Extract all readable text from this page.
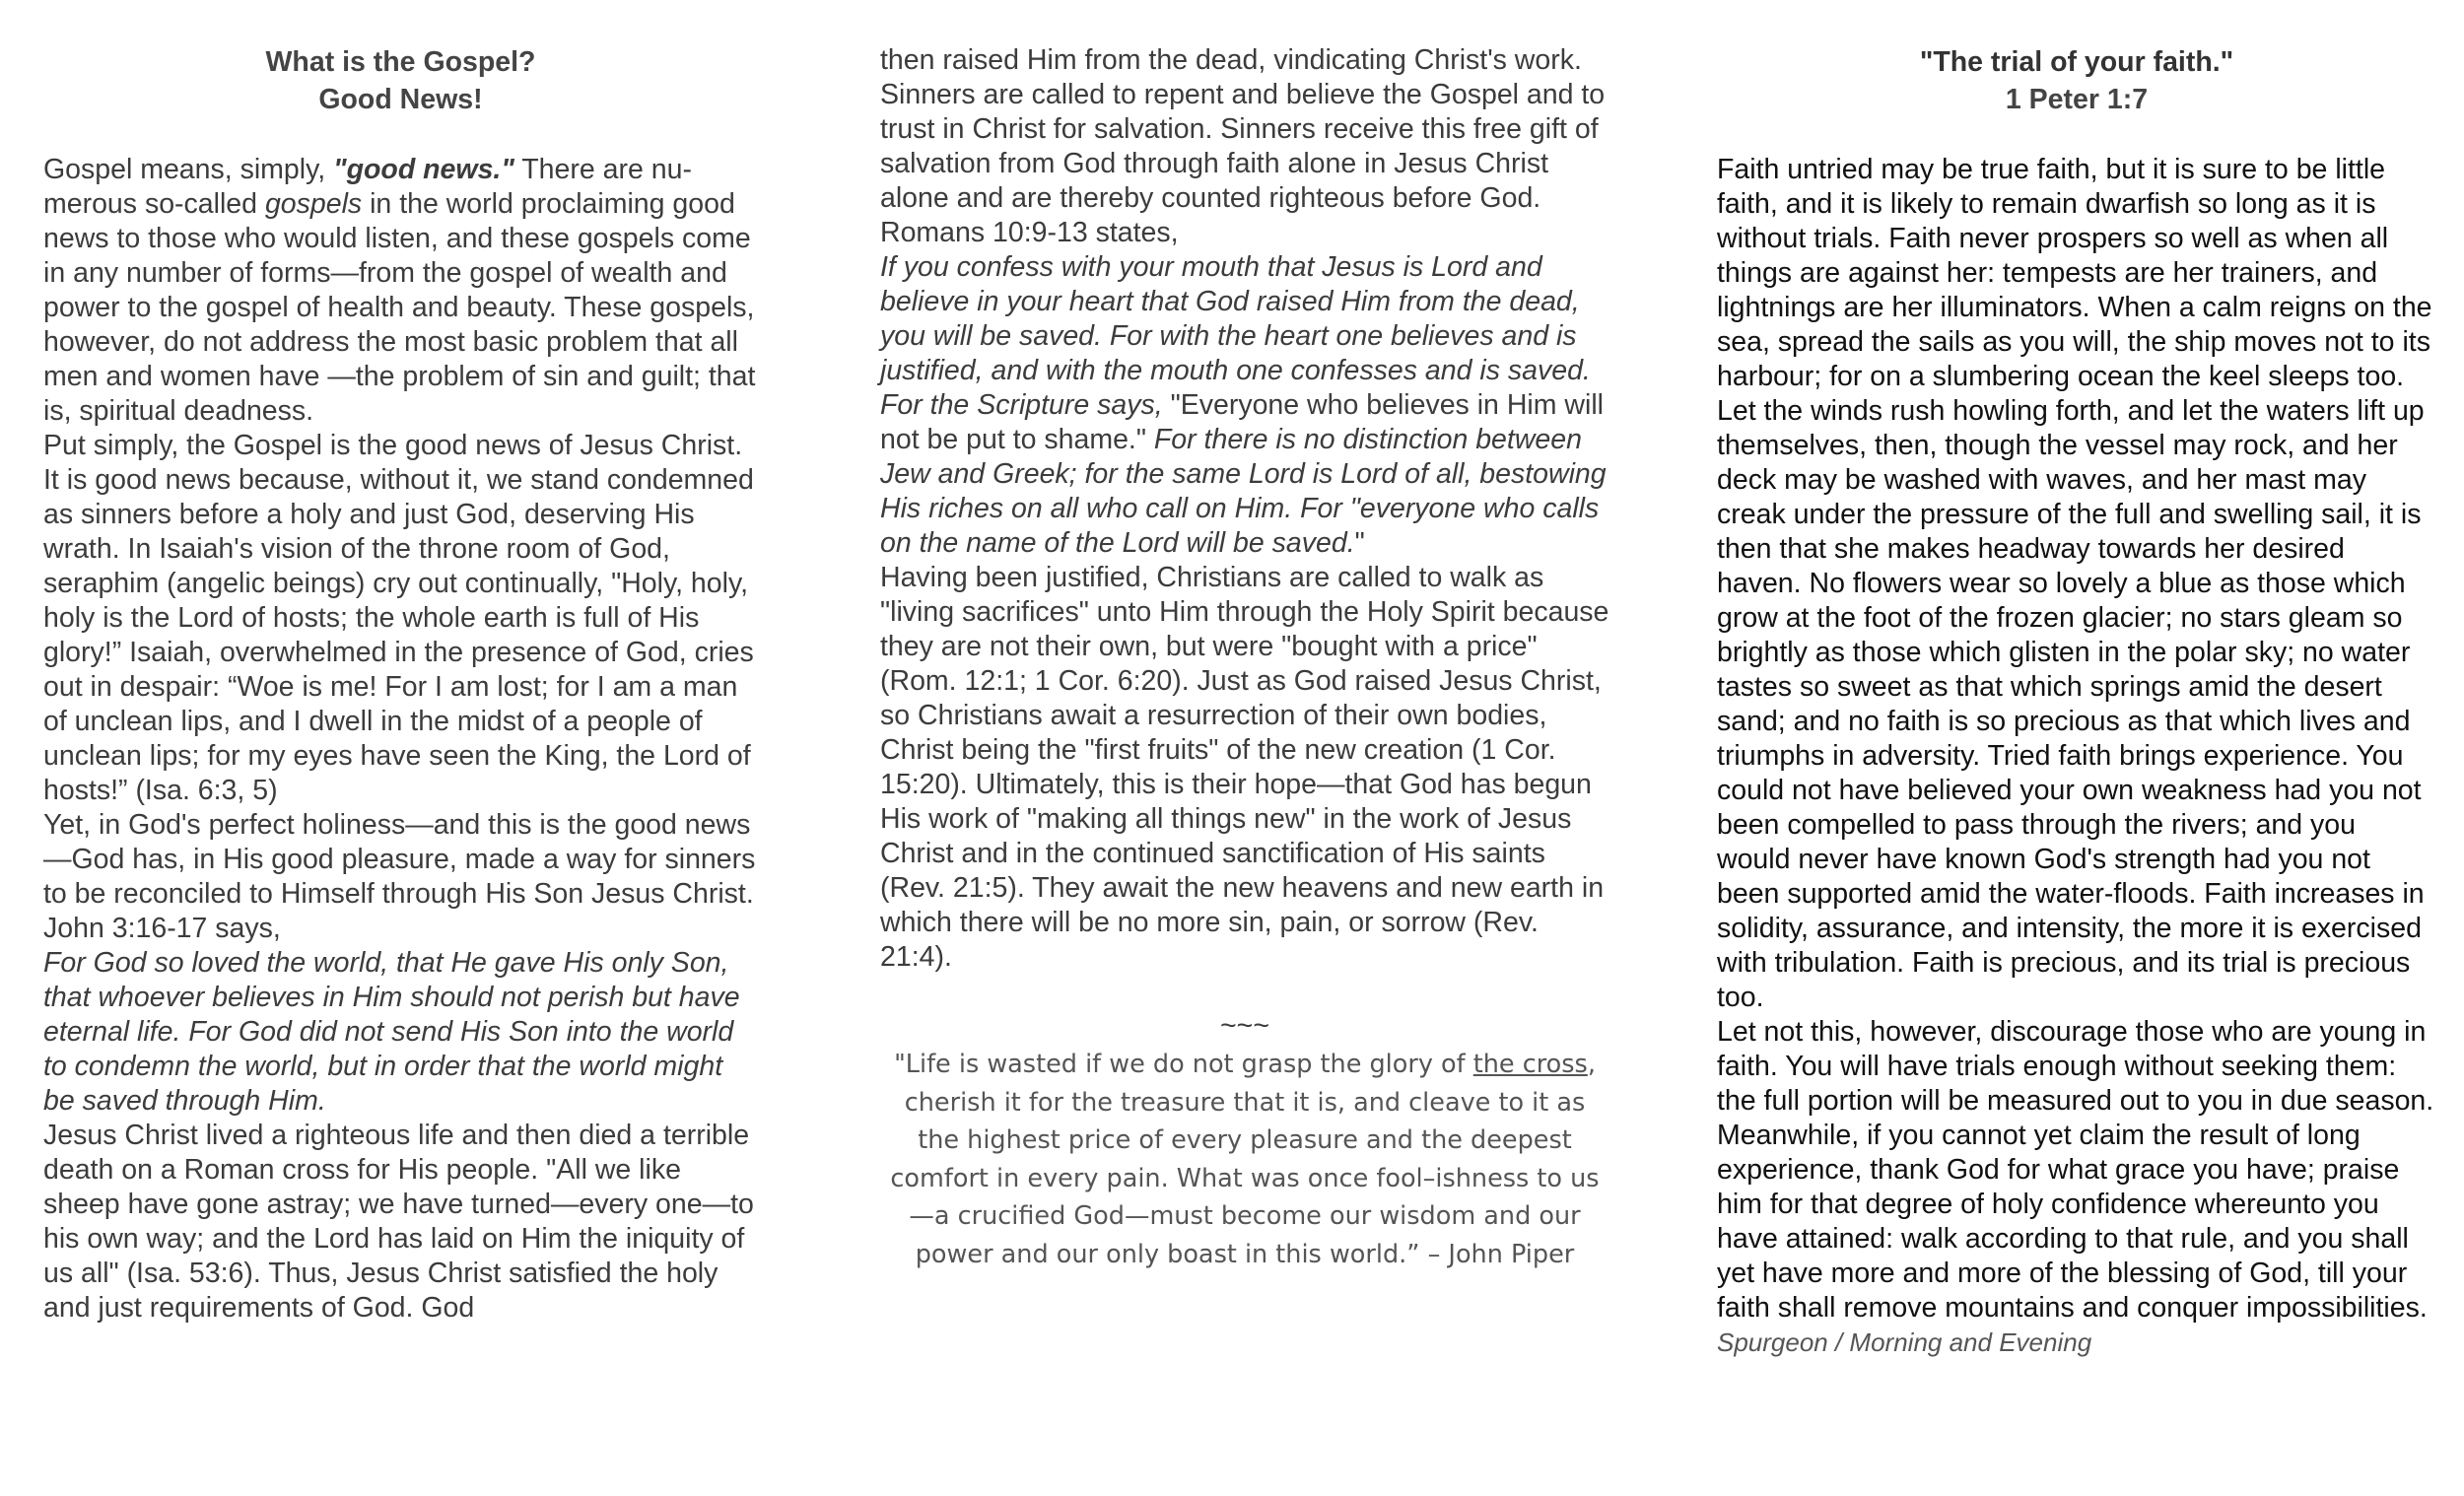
What is the Gospel?
Good News!

Gospel means, simply, "good news." There are numerous so-called gospels in the world proclaiming good news to those who would listen, and these gospels come in any number of forms—from the gospel of wealth and power to the gospel of health and beauty. These gospels, however, do not address the most basic problem that all men and women have —the problem of sin and guilt; that is, spiritual deadness.

Put simply, the Gospel is the good news of Jesus Christ. It is good news because, without it, we stand condemned as sinners before a holy and just God, deserving His wrath. In Isaiah's vision of the throne room of God, seraphim (angelic beings) cry out continually, "Holy, holy, holy is the Lord of hosts; the whole earth is full of His glory!” Isaiah, overwhelmed in the presence of God, cries out in despair: “Woe is me! For I am lost; for I am a man of unclean lips, and I dwell in the midst of a people of unclean lips; for my eyes have seen the King, the Lord of hosts!” (Isa. 6:3, 5)

Yet, in God's perfect holiness—and this is the good news—God has, in His good pleasure, made a way for sinners to be reconciled to Himself through His Son Jesus Christ. John 3:16-17 says,

For God so loved the world, that He gave His only Son, that whoever believes in Him should not perish but have eternal life. For God did not send His Son into the world to condemn the world, but in order that the world might be saved through Him.

Jesus Christ lived a righteous life and then died a terrible death on a Roman cross for His people. "All we like sheep have gone astray; we have turned—every one—to his own way; and the Lord has laid on Him the iniquity of us all" (Isa. 53:6). Thus, Jesus Christ satisfied the holy and just requirements of God. God

then raised Him from the dead, vindicating Christ's work.

Sinners are called to repent and believe the Gospel and to trust in Christ for salvation. Sinners receive this free gift of salvation from God through faith alone in Jesus Christ alone and are thereby counted righteous before God. Romans 10:9-13 states,

If you confess with your mouth that Jesus is Lord and believe in your heart that God raised Him from the dead, you will be saved. For with the heart one believes and is justified, and with the mouth one confesses and is saved. For the Scripture says, "Everyone who believes in Him will not be put to shame." For there is no distinction between Jew and Greek; for the same Lord is Lord of all, bestowing His riches on all who call on Him. For "everyone who calls on the name of the Lord will be saved."

Having been justified, Christians are called to walk as "living sacrifices" unto Him through the Holy Spirit because they are not their own, but were "bought with a price" (Rom. 12:1; 1 Cor. 6:20). Just as God raised Jesus Christ, so Christians await a resurrection of their own bodies, Christ being the "first fruits" of the new creation (1 Cor. 15:20). Ultimately, this is their hope—that God has begun His work of "making all things new" in the work of Jesus Christ and in the continued sanctification of His saints (Rev. 21:5). They await the new heavens and new earth in which there will be no more sin, pain, or sorrow (Rev. 21:4).

~~~
"Life is wasted if we do not grasp the glory of the cross, cherish it for the treasure that it is, and cleave to it as the highest price of every pleasure and the deepest comfort in every pain. What was once fool–ishness to us—a crucified God—must become our wisdom and our power and our only boast in this world.” – John Piper
"The trial of your faith."
1 Peter 1:7

Faith untried may be true faith, but it is sure to be little faith, and it is likely to remain dwarfish so long as it is without trials. Faith never prospers so well as when all things are against her: tempests are her trainers, and lightnings are her illuminators. When a calm reigns on the sea, spread the sails as you will, the ship moves not to its harbour; for on a slumbering ocean the keel sleeps too. Let the winds rush howling forth, and let the waters lift up themselves, then, though the vessel may rock, and her deck may be washed with waves, and her mast may creak under the pressure of the full and swelling sail, it is then that she makes headway towards her desired haven. No flowers wear so lovely a blue as those which grow at the foot of the frozen glacier; no stars gleam so brightly as those which glisten in the polar sky; no water tastes so sweet as that which springs amid the desert sand; and no faith is so precious as that which lives and triumphs in adversity. Tried faith brings experience. You could not have believed your own weakness had you not been compelled to pass through the rivers; and you would never have known God's strength had you not been supported amid the water-floods. Faith increases in solidity, assurance, and intensity, the more it is exercised with tribulation. Faith is precious, and its trial is precious too.

Let not this, however, discourage those who are young in faith. You will have trials enough without seeking them: the full portion will be measured out to you in due season. Meanwhile, if you cannot yet claim the result of long experience, thank God for what grace you have; praise him for that degree of holy confidence whereunto you have attained: walk according to that rule, and you shall yet have more and more of the blessing of God, till your faith shall remove mountains and conquer impossibilities.

Spurgeon / Morning and Evening
